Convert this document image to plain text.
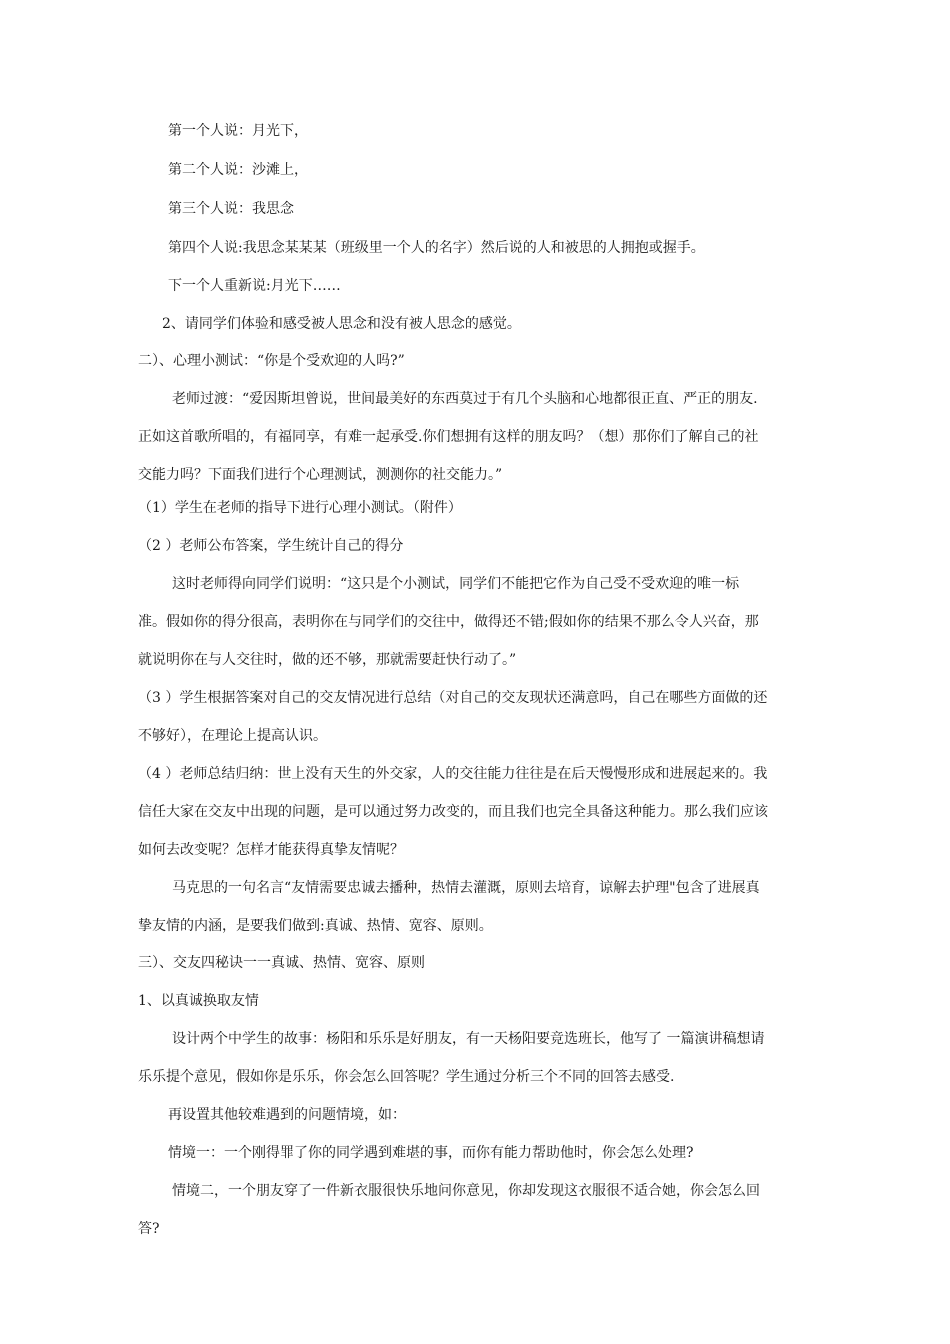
第一个人说：月光下，
第二个人说：沙滩上，
第三个人说：我思念
第四个人说:我思念某某某（班级里一个人的名字）然后说的人和被思的人拥抱或握手。
下一个人重新说:月光下……
2、请同学们体验和感受被人思念和没有被人思念的感觉。
二）、心理小测试：“你是个受欢迎的人吗?”
老师过渡：“爱因斯坦曾说，世间最美好的东西莫过于有几个头脑和心地都很正直、严正的朋友.
正如这首歌所唱的，有福同享，有难一起承受.你们想拥有这样的朋友吗？（想）那你们了解自己的社
交能力吗？下面我们进行个心理测试，测测你的社交能力。”
（1）学生在老师的指导下进行心理小测试。（附件）
（2 ）老师公布答案，学生统计自己的得分
这时老师得向同学们说明：“这只是个小测试，同学们不能把它作为自己受不受欢迎的唯一标
准。假如你的得分很高，表明你在与同学们的交往中，做得还不错;假如你的结果不那么令人兴奋，那
就说明你在与人交往时，做的还不够，那就需要赶快行动了。”
（3 ）学生根据答案对自己的交友情况进行总结（对自己的交友现状还满意吗，自己在哪些方面做的还
不够好），在理论上提高认识。
（4 ）老师总结归纳：世上没有天生的外交家，人的交往能力往往是在后天慢慢形成和进展起来的。我
信任大家在交友中出现的问题，是可以通过努力改变的，而且我们也完全具备这种能力。那么我们应该
如何去改变呢？怎样才能获得真挚友情呢？
马克思的一句名言“友情需要忠诚去播种，热情去灌溉，原则去培育，谅解去护理"包含了进展真
挚友情的内涵，是要我们做到:真诚、热情、宽容、原则。
三）、交友四秘诀一一真诚、热情、宽容、原则
1、以真诚换取友情
设计两个中学生的故事：杨阳和乐乐是好朋友，有一天杨阳要竞选班长，他写了 一篇演讲稿想请
乐乐提个意见，假如你是乐乐，你会怎么回答呢？学生通过分析三个不同的回答去感受.
再设置其他较难遇到的问题情境，如：
情境一：一个刚得罪了你的同学遇到难堪的事，而你有能力帮助他时，你会怎么处理?
情境二，一个朋友穿了一件新衣服很快乐地问你意见，你却发现这衣服很不适合她，你会怎么回
答?
